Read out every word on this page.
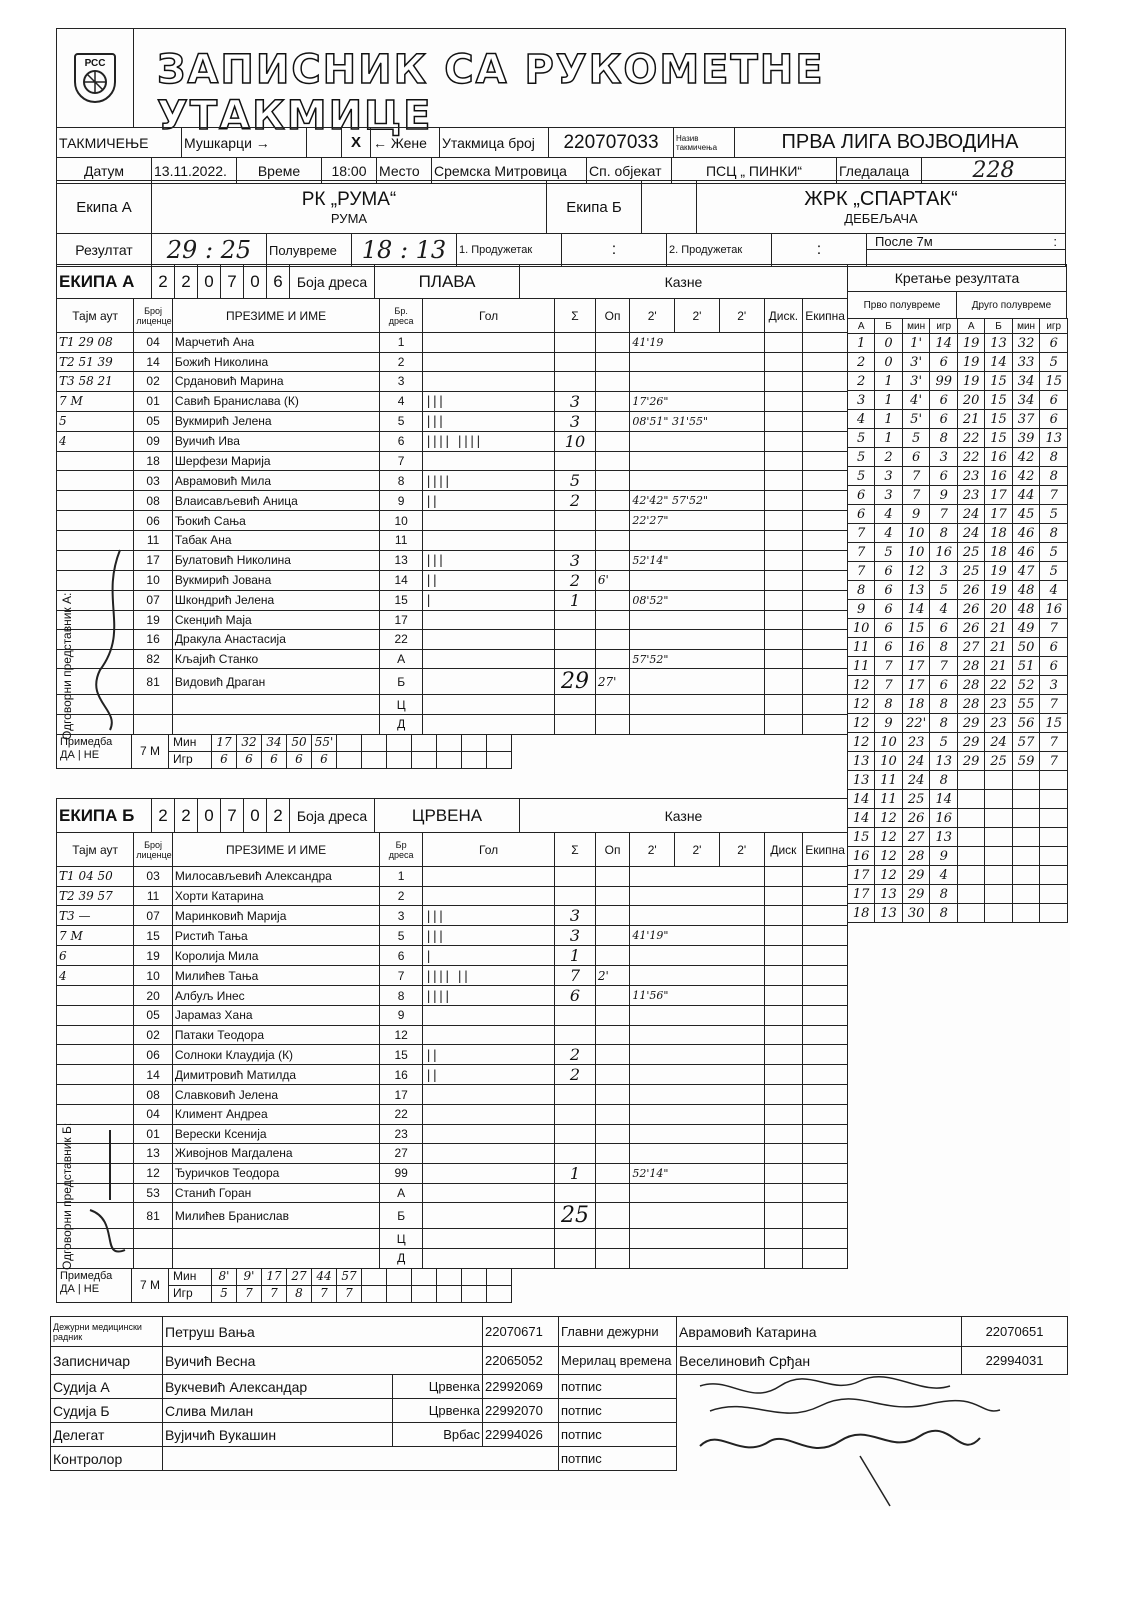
РСС ЗАПИСНИК СА РУКОМЕТНЕ УТАКМИЦЕ
ТАКМИЧЕЊЕ	Мушкарци →		X	← Жене	Утакмица број	220707033	Назив такмичења	ПРВА ЛИГА ВОЈВОДИНА
Датум	13.11.2022.	Време	18:00	Место	Сремска Митровица	Сп. објекат	ПСЦ „ ПИНКИ“	Гледалаца	228
Екипа А	РК „РУМА“
РУМА
	Екипа Б		ЖРК „СПАРТАК“
ДЕБЕЉАЧА
Резултат	29 : 25	Полувреме	18 : 13	1. Продужетак	:	2. Продужетак	:	После 7м	:
Кретање резултата
Прво полувреме	Друго полувреме
А	Б	мин	игр	А	Б	мин	игр
1	0	1'	14	19	13	32	6
2	0	3'	6	19	14	33	5
2	1	3'	99	19	15	34	15
3	1	4'	6	20	15	34	6
4	1	5'	6	21	15	37	6
5	1	5	8	22	15	39	13
5	2	6	3	22	16	42	8
5	3	7	6	23	16	42	8
6	3	7	9	23	17	44	7
6	4	9	7	24	17	45	5
7	4	10	8	24	18	46	8
7	5	10	16	25	18	46	5
7	6	12	3	25	19	47	5
8	6	13	5	26	19	48	4
9	6	14	4	26	20	48	16
10	6	15	6	26	21	49	7
11	6	16	8	27	21	50	6
11	7	17	7	28	21	51	6
12	7	17	6	28	22	52	3
12	8	18	8	28	23	55	7
12	9	22'	8	29	23	56	15
12	10	23	5	29	24	57	7
13	10	24	13	29	25	59	7
13	11	24	8				
14	11	25	14				
14	12	26	16				
15	12	27	13				
16	12	28	9				
17	12	29	4				
17	13	29	8				
18	13	30	8				
ЕКИПА А	2	2	0	7	0	6	Боја дреса	ПЛАВА	Казне
Тајм аут	Број лиценце	ПРЕЗИМЕ И ИМЕ	Бр. дреса	Гол	Σ	Оп	2'	2'	2'	Диск.	Екипна
T1 29 08	04	Марчетић Ана	1				41'19				
T2 51 39	14	Божић Николина	2								
T3 58 21	02	Срдановић Марина	3								
7 M	01	Савић Бранислава (К)	4	|||	3		17'26"				
5	05	Вукмирић Јелена	5	|||	3		08'51" 31'55"				
4	09	Вуичић Ива	6	|||| ||||	10						
	18	Шерфези Марија	7								
	03	Аврамовић Мила	8	||||	5						
	08	Влаисављевић Аница	9	||	2		42'42" 57'52"				
	06	Ђокић Сања	10				22'27"				
	11	Табак Ана	11								
	17	Булатовић Николина	13	|||	3		52'14"				
	10	Вукмирић Јована	14	||	2	6'					
	07	Шкондрић Јелена	15	|	1		08'52"				
	19	Скенџић Маја	17								
	16	Дракула Анастасија	22								
	82	Кљајић Станко	А				57'52"				
	81	Видовић Драган	Б		29	27'					
			Ц								
			Д								
Примедба
ДА | НЕ	7 M
Мин	17 32 34 50 55'
Игр	6	6	6	6	6
ЕКИПА Б	2	2	0	7	0	2	Боја дреса	ЦРВЕНА	Казне
Тајм аут	Број лиценце	ПРЕЗИМЕ И ИМЕ	Бр дреса	Гол	Σ	Оп	2'	2'	2'	Диск	Екипна
T1 04 50	03	Милосављевић Александра	1								
T2 39 57	11	Хорти Катарина	2								
T3 —	07	Маринковић Марија	3	|||	3						
7 M	15	Ристић Тања	5	|||	3		41'19"				
6	19	Королија Мила	6	|	1						
4	10	Милићев Тања	7	|||| ||	7	2'					
	20	Албуљ Инес	8	||||	6		11'56"				
	05	Јарамаз Хана	9								
	02	Патаки Теодора	12								
	06	Солноки Клаудија (К)	15	||	2						
	14	Димитровић Матилда	16	||	2						
	08	Славковић Јелена	17								
	04	Климент Андреа	22								
	01	Верески Ксенија	23								
	13	Живојнов Магдалена	27								
	12	Ђуричков Теодора	99		1		52'14"				
	53	Станић Горан	А								
	81	Милићев Бранислав	Б		25						
			Ц								
			Д								
Примедба
ДА | НЕ	7 M
Мин	8'	9' 17 27 44 57
Игр	5	7	7	8	7	7
Одговорни представник А:
Одговорни представник Б:
Дежурни медицински радник	Петруш Вања		22070671	Главни дежурни	Аврамовић Катарина	22070651
Записничар	Вуичић Весна		22065052	Мерилац времена	Веселиновић Срђан	22994031
Судија А	Вукчевић Александар	Црвенка	22992069	потпис		
Судија Б	Слива Милан	Црвенка	22992070	потпис		
Делегат	Вујичић Вукашин	Врбас	22994026	потпис		
Контролор				потпис		
